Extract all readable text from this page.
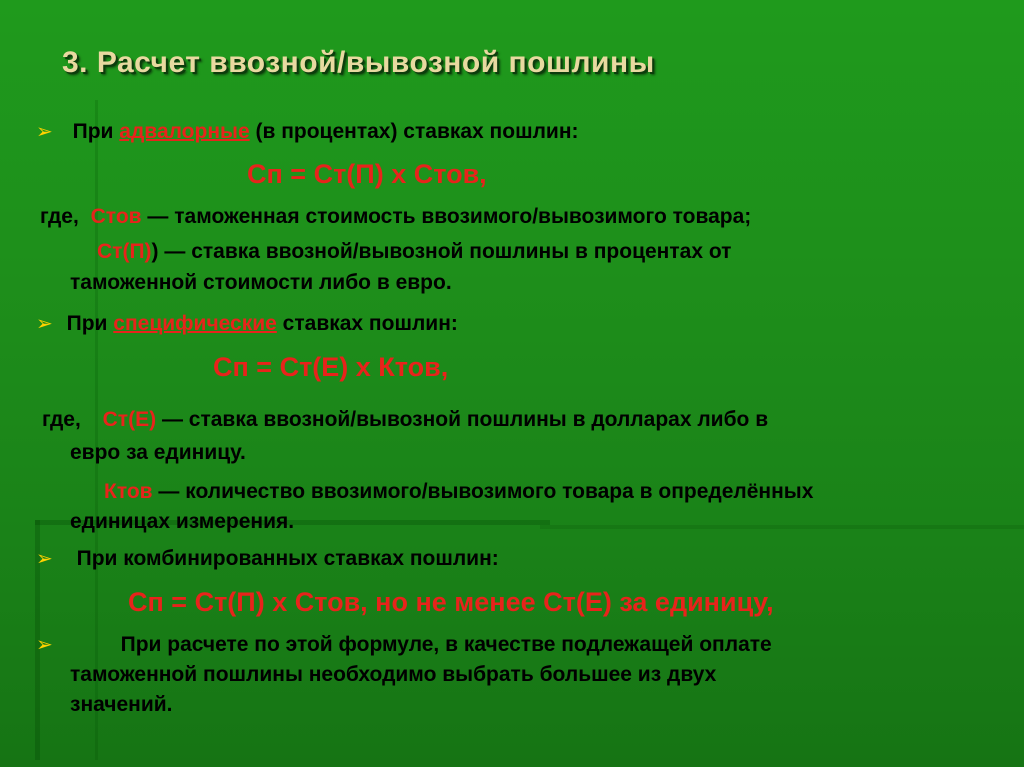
3. Расчет ввозной/вывозной пошлины
➢ При адвалорные (в процентах) ставках пошлин:
Сп = Ст(П) х Стов,
где, Стов — таможенная стоимость ввозимого/вывозимого товара;
Ст(П)) — ставка ввозной/вывозной пошлины в процентах от
таможенной стоимости либо в евро.
➢ При специфические ставках пошлин:
Сп = Ст(Е) х Ктов,
где, Ст(Е) — ставка ввозной/вывозной пошлины в долларах либо в
евро за единицу.
Ктов — количество ввозимого/вывозимого товара в определённых
единицах измерения.
➢ При комбинированных ставках пошлин:
Сп = Ст(П) х Стов, но не менее Ст(Е) за единицу,
➢	При расчете по этой формуле, в качестве подлежащей оплате
таможенной пошлины необходимо выбрать большее из двух
значений.
